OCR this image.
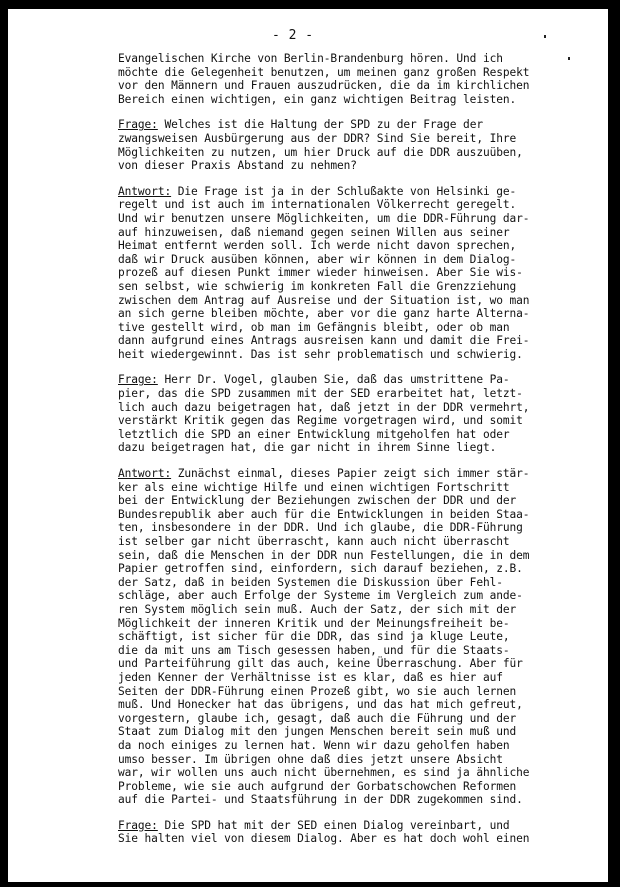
- 2 -
Evangelischen Kirche von Berlin-Brandenburg hören. Und ich
möchte die Gelegenheit benutzen, um meinen ganz großen Respekt
vor den Männern und Frauen auszudrücken, die da im kirchlichen
Bereich einen wichtigen, ein ganz wichtigen Beitrag leisten.
Frage: Welches ist die Haltung der SPD zu der Frage der
zwangsweisen Ausbürgerung aus der DDR? Sind Sie bereit, Ihre
Möglichkeiten zu nutzen, um hier Druck auf die DDR auszuüben,
von dieser Praxis Abstand zu nehmen?
Antwort: Die Frage ist ja in der Schlußakte von Helsinki ge-
regelt und ist auch im internationalen Völkerrecht geregelt.
Und wir benutzen unsere Möglichkeiten, um die DDR-Führung dar-
auf hinzuweisen, daß niemand gegen seinen Willen aus seiner
Heimat entfernt werden soll. Ich werde nicht davon sprechen,
daß wir Druck ausüben können, aber wir können in dem Dialog-
prozeß auf diesen Punkt immer wieder hinweisen. Aber Sie wis-
sen selbst, wie schwierig im konkreten Fall die Grenzziehung
zwischen dem Antrag auf Ausreise und der Situation ist, wo man
an sich gerne bleiben möchte, aber vor die ganz harte Alterna-
tive gestellt wird, ob man im Gefängnis bleibt, oder ob man
dann aufgrund eines Antrags ausreisen kann und damit die Frei-
heit wiedergewinnt. Das ist sehr problematisch und schwierig.
Frage: Herr Dr. Vogel, glauben Sie, daß das umstrittene Pa-
pier, das die SPD zusammen mit der SED erarbeitet hat, letzt-
lich auch dazu beigetragen hat, daß jetzt in der DDR vermehrt,
verstärkt Kritik gegen das Regime vorgetragen wird, und somit
letztlich die SPD an einer Entwicklung mitgeholfen hat oder
dazu beigetragen hat, die gar nicht in ihrem Sinne liegt.
Antwort: Zunächst einmal, dieses Papier zeigt sich immer stär-
ker als eine wichtige Hilfe und einen wichtigen Fortschritt
bei der Entwicklung der Beziehungen zwischen der DDR und der
Bundesrepublik aber auch für die Entwicklungen in beiden Staa-
ten, insbesondere in der DDR. Und ich glaube, die DDR-Führung
ist selber gar nicht überrascht, kann auch nicht überrascht
sein, daß die Menschen in der DDR nun Festellungen, die in dem
Papier getroffen sind, einfordern, sich darauf beziehen, z.B.
der Satz, daß in beiden Systemen die Diskussion über Fehl-
schläge, aber auch Erfolge der Systeme im Vergleich zum ande-
ren System möglich sein muß. Auch der Satz, der sich mit der
Möglichkeit der inneren Kritik und der Meinungsfreiheit be-
schäftigt, ist sicher für die DDR, das sind ja kluge Leute,
die da mit uns am Tisch gesessen haben, und für die Staats-
und Parteiführung gilt das auch, keine Überraschung. Aber für
jeden Kenner der Verhältnisse ist es klar, daß es hier auf
Seiten der DDR-Führung einen Prozeß gibt, wo sie auch lernen
muß. Und Honecker hat das übrigens, und das hat mich gefreut,
vorgestern, glaube ich, gesagt, daß auch die Führung und der
Staat zum Dialog mit den jungen Menschen bereit sein muß und
da noch einiges zu lernen hat. Wenn wir dazu geholfen haben
umso besser. Im übrigen ohne daß dies jetzt unsere Absicht
war, wir wollen uns auch nicht übernehmen, es sind ja ähnliche
Probleme, wie sie auch aufgrund der Gorbatschowchen Reformen
auf die Partei- und Staatsführung in der DDR zugekommen sind.
Frage: Die SPD hat mit der SED einen Dialog vereinbart, und
Sie halten viel von diesem Dialog. Aber es hat doch wohl einen
